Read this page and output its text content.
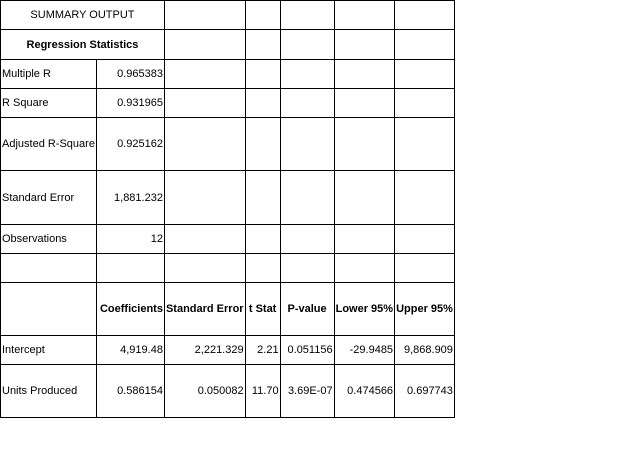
SUMMARY OUTPUT						
Regression Statistics						
Multiple R	0.965383					
R Square	0.931965					
Adjusted R-Square	0.925162					
Standard Error	1,881.232					
Observations	12					

	Coefficients	Standard Error	t Stat	P-value	Lower 95%	Upper 95%
Intercept	4,919.48	2,221.329	2.21	0.051156	-29.9485	9,868.909
Units Produced	0.586154	0.050082	11.70	3.69E-07	0.474566	0.697743
